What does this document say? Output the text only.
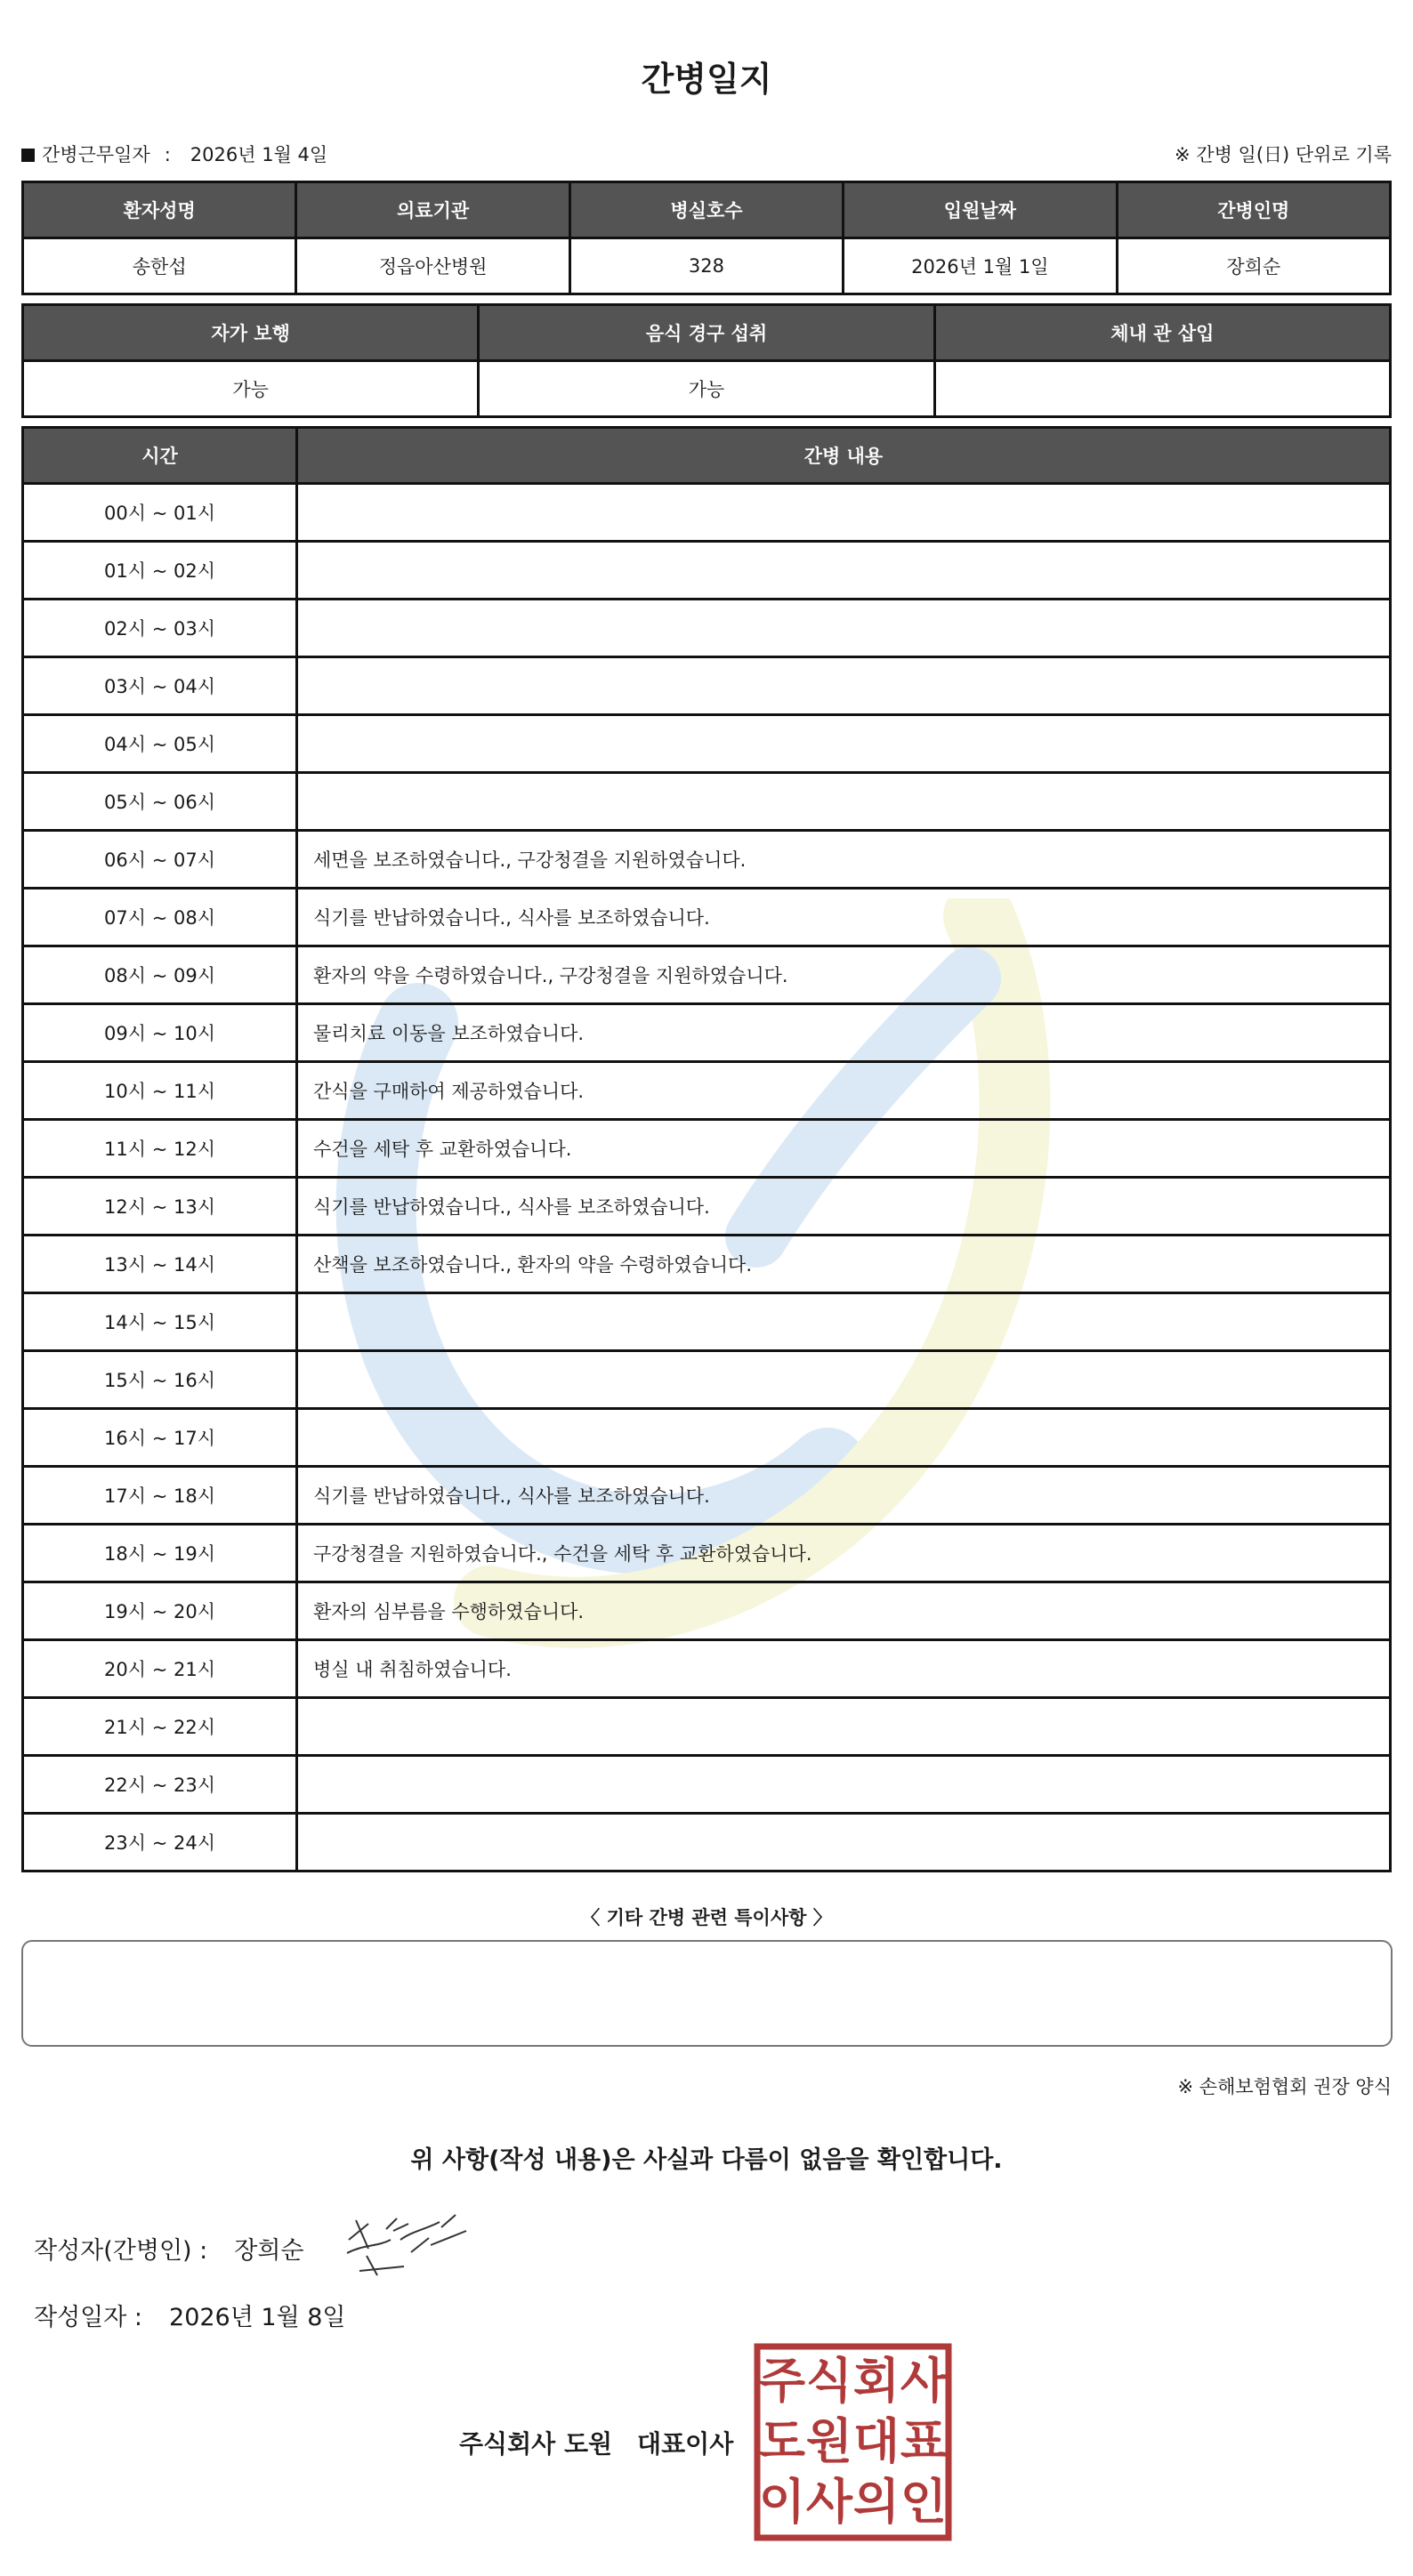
간병일지
간병근무일자 : 2026년 1월 4일	※ 간병 일(日) 단위로 기록
환자성명	의료기관	병실호수	입원날짜	간병인명
송한섭	정읍아산병원	328	2026년 1월 1일	장희순
자가 보행	음식 경구 섭취	체내 관 삽입
가능	가능	
시간	간병 내용
00시 ~ 01시	
01시 ~ 02시	
02시 ~ 03시	
03시 ~ 04시	
04시 ~ 05시	
05시 ~ 06시	
06시 ~ 07시	세면을 보조하였습니다., 구강청결을 지원하였습니다.
07시 ~ 08시	식기를 반납하였습니다., 식사를 보조하였습니다.
08시 ~ 09시	환자의 약을 수령하였습니다., 구강청결을 지원하였습니다.
09시 ~ 10시	물리치료 이동을 보조하였습니다.
10시 ~ 11시	간식을 구매하여 제공하였습니다.
11시 ~ 12시	수건을 세탁 후 교환하였습니다.
12시 ~ 13시	식기를 반납하였습니다., 식사를 보조하였습니다.
13시 ~ 14시	산책을 보조하였습니다., 환자의 약을 수령하였습니다.
14시 ~ 15시	
15시 ~ 16시	
16시 ~ 17시	
17시 ~ 18시	식기를 반납하였습니다., 식사를 보조하였습니다.
18시 ~ 19시	구강청결을 지원하였습니다., 수건을 세탁 후 교환하였습니다.
19시 ~ 20시	환자의 심부름을 수행하였습니다.
20시 ~ 21시	병실 내 취침하였습니다.
21시 ~ 22시	
22시 ~ 23시	
23시 ~ 24시	
〈 기타 간병 관련 특이사항 〉
※ 손해보험협회 권장 양식
위 사항(작성 내용)은 사실과 다름이 없음을 확인합니다.
작성자(간병인) : 장희순
작성일자 : 2026년 1월 8일
주식회사 도원 대표이사
주 식 회 사
도 원 대 표
이 사 의 인
